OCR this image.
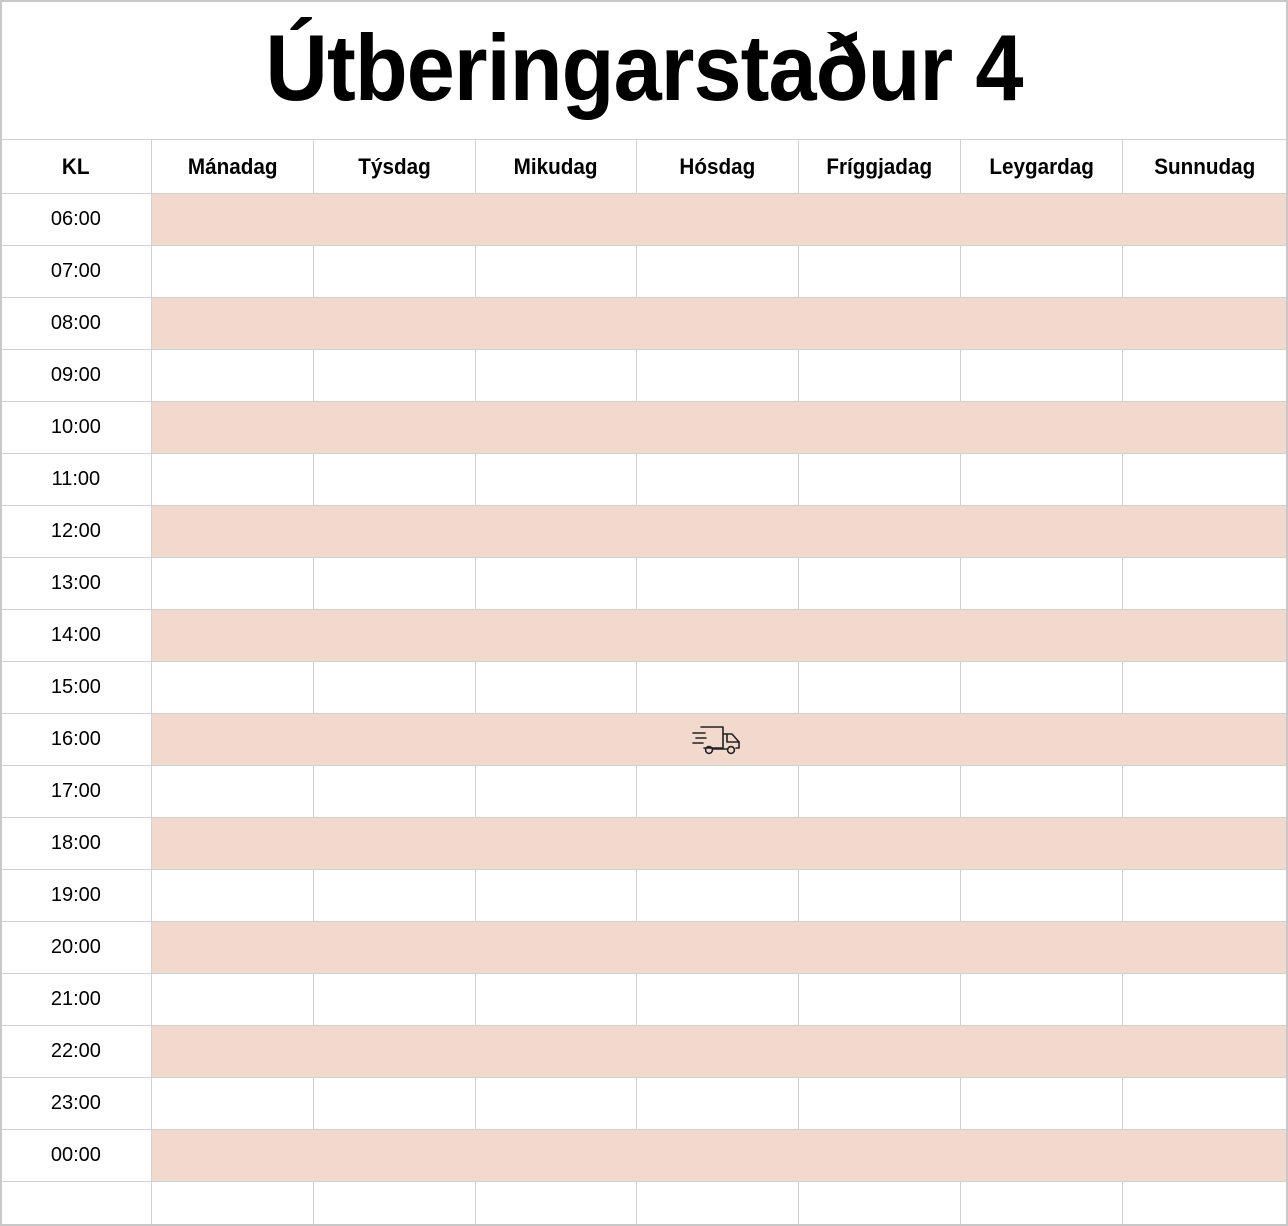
Útberingarstaður 4
KL	Mánadag	Týsdag	Mikudag	Hósdag	Fríggjadag	Leygardag	Sunnudag
06:00							
07:00							
08:00							
09:00							
10:00							
11:00							
12:00							
13:00							
14:00							
15:00							
16:00				

17:00							
18:00							
19:00							
20:00							
21:00							
22:00							
23:00							
00:00							
